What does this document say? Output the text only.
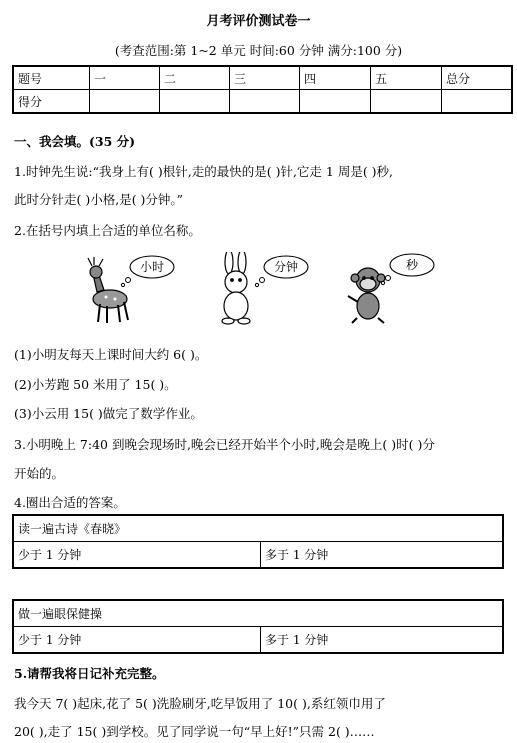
月考评价测试卷一
(考查范围:第 1~2 单元 时间:60 分钟 满分:100 分)
题号	一	二	三	四	五	总分
得分						
一、我会填。(35 分)
1.时钟先生说:“我身上有( )根针,走的最快的是( )针,它走 1 周是( )秒,
此时分针走( )小格,是( )分钟。”
2.在括号内填上合适的单位名称。
小时	分钟	秒
(1)小明友每天上课时间大约 6( )。
(2)小芳跑 50 米用了 15( )。
(3)小云用 15( )做完了数学作业。
3.小明晚上 7:40 到晚会现场时,晚会已经开始半个小时,晚会是晚上( )时( )分
开始的。
4.圈出合适的答案。
读一遍古诗《春晓》
少于 1 分钟	多于 1 分钟
做一遍眼保健操
少于 1 分钟	多于 1 分钟
5.请帮我将日记补充完整。
我今天 7( )起床,花了 5( )洗脸刷牙,吃早饭用了 10( ),系红领巾用了
20( ),走了 15( )到学校。见了同学说一句“早上好!”只需 2( )……
